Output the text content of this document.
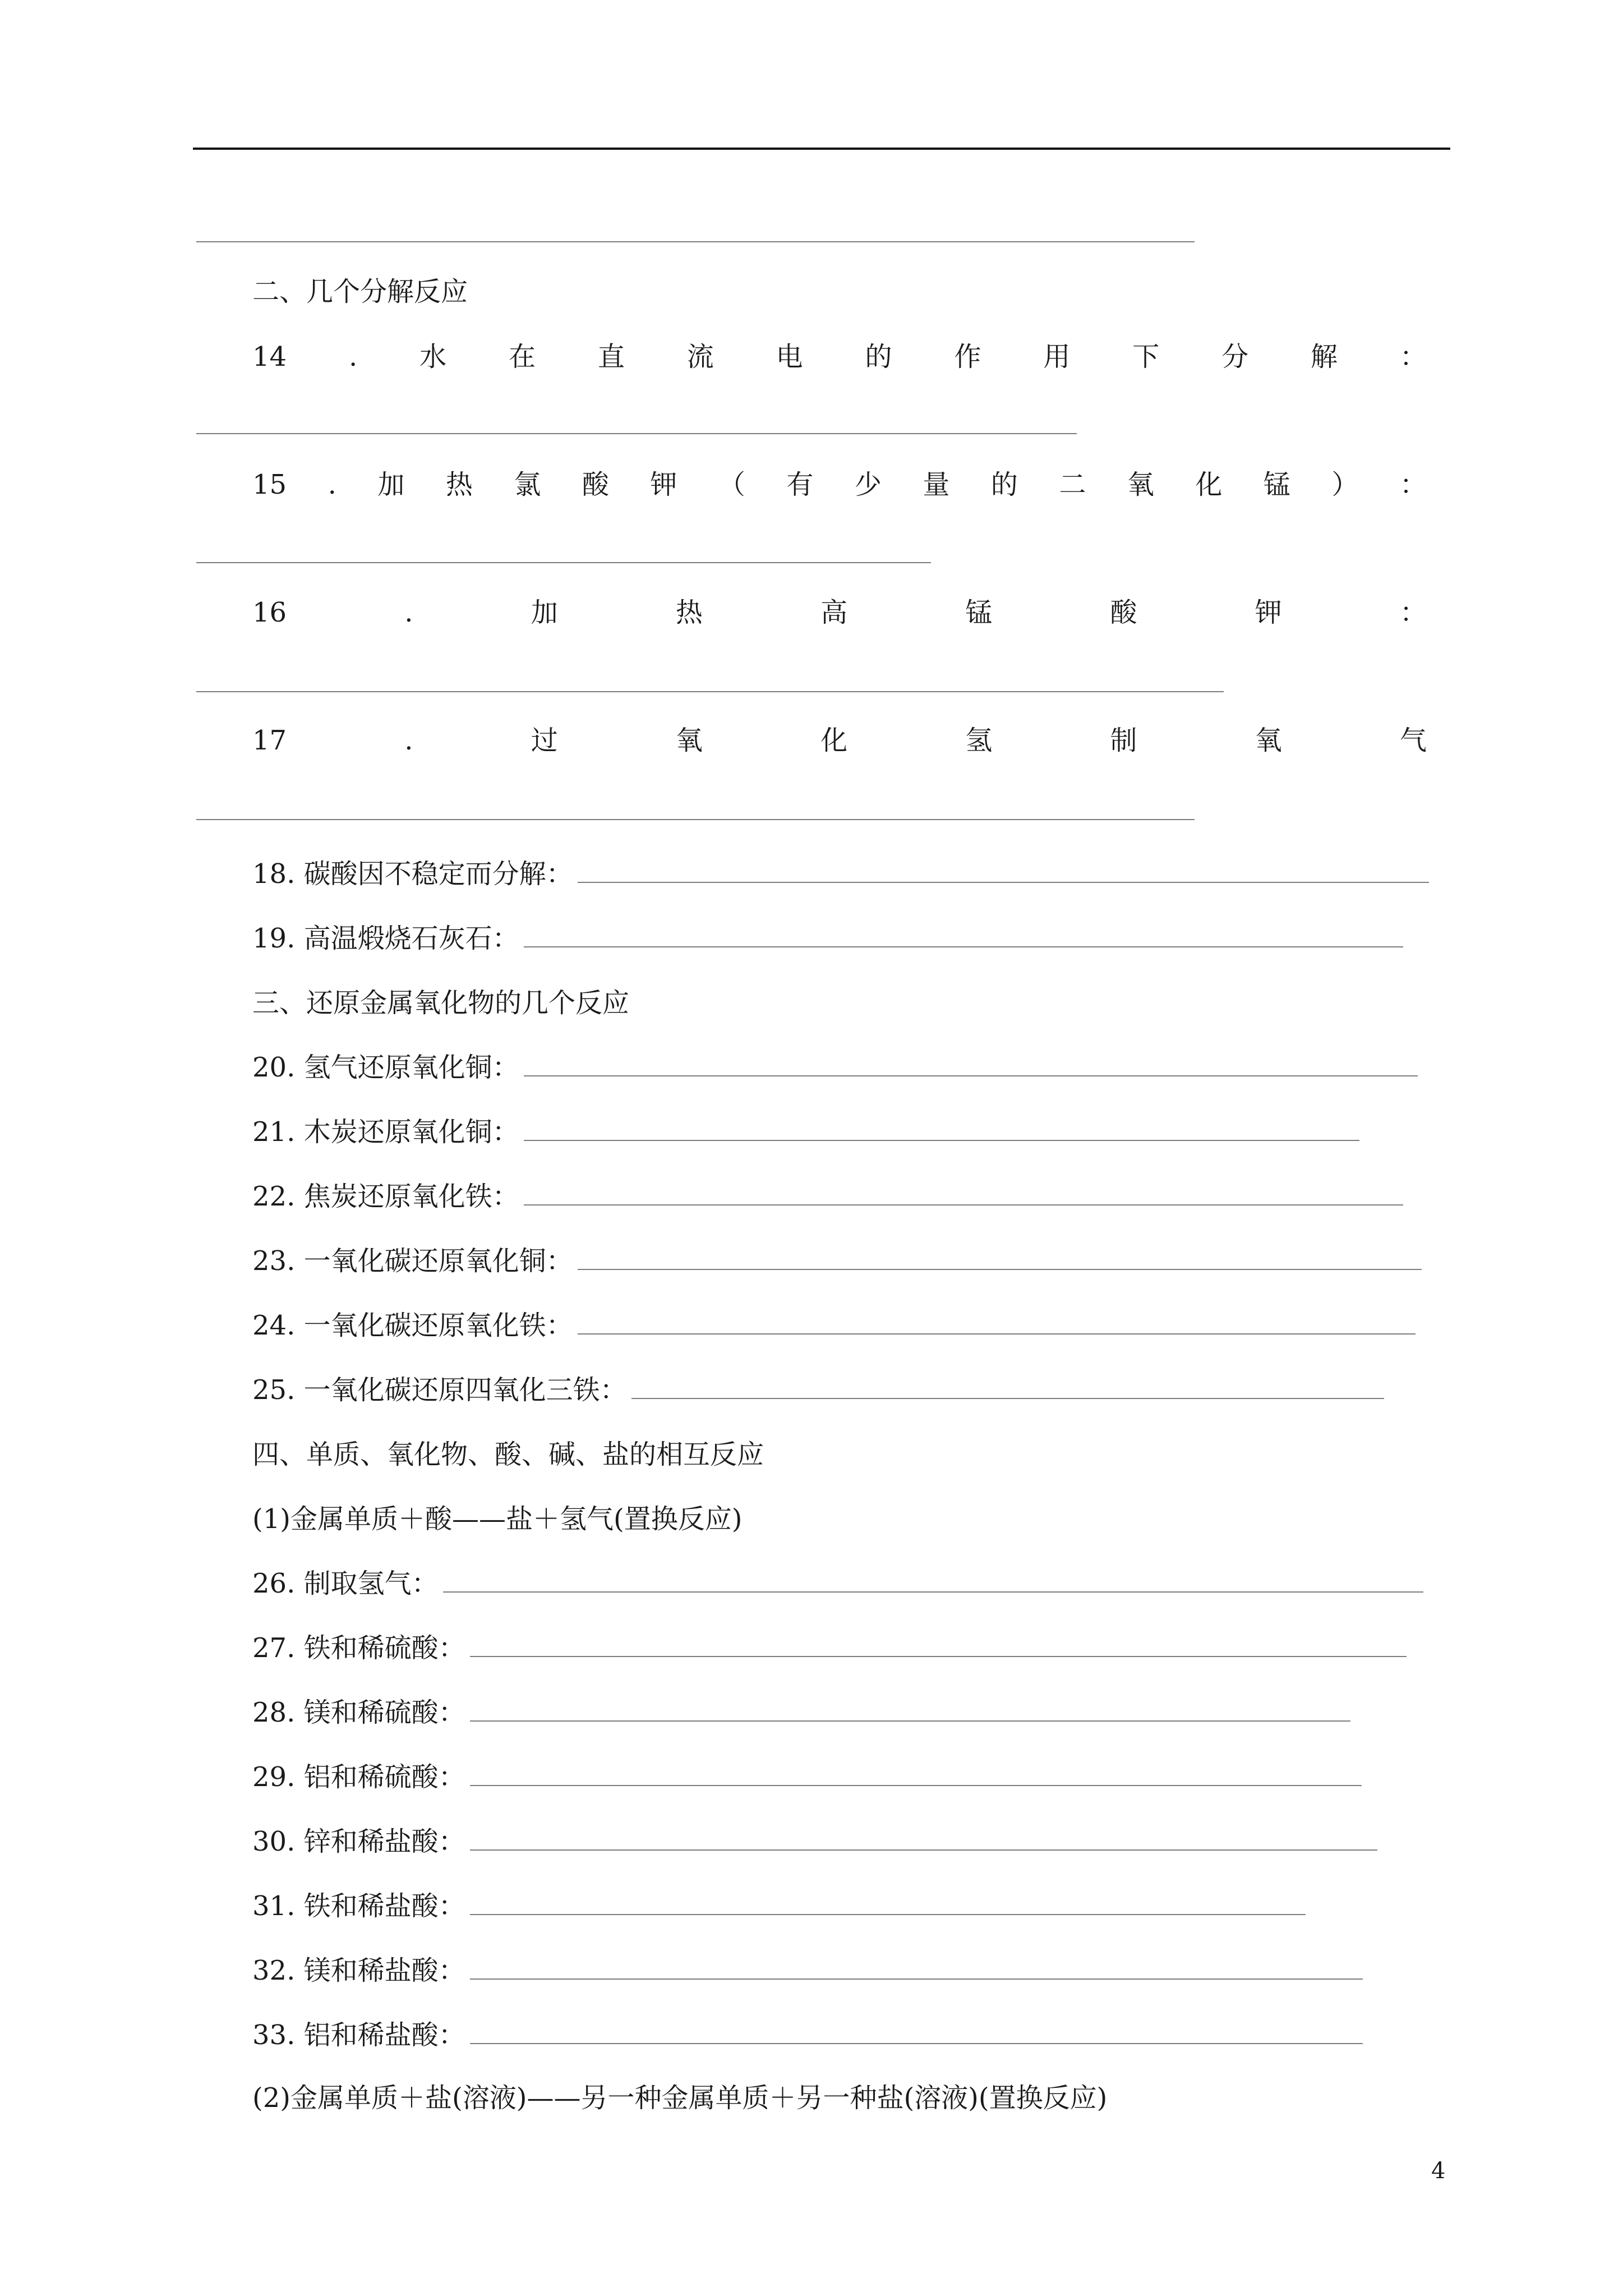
二、几个分解反应
14 . 水 在 直 流 电 的 作 用 下 分 解 ：
15 . 加 热 氯 酸 钾 （ 有 少 量 的 二 氧 化 锰 ） ：
16	.	加	热	高	锰	酸	钾	：
17	.	过	氧	化	氢	制	氧	气
18. 碳酸因不稳定而分解：
19. 高温煅烧石灰石：
三、还原金属氧化物的几个反应
20. 氢气还原氧化铜：
21. 木炭还原氧化铜：
22. 焦炭还原氧化铁：
23. 一氧化碳还原氧化铜：
24. 一氧化碳还原氧化铁：
25. 一氧化碳还原四氧化三铁：
四、单质、氧化物、酸、碱、盐的相互反应
(1)金属单质＋酸——盐＋氢气(置换反应)
26. 制取氢气：
27. 铁和稀硫酸：
28. 镁和稀硫酸：
29. 铝和稀硫酸：
30. 锌和稀盐酸：
31. 铁和稀盐酸：
32. 镁和稀盐酸：
33. 铝和稀盐酸：
(2)金属单质＋盐(溶液)——另一种金属单质＋另一种盐(溶液)(置换反应)
4
